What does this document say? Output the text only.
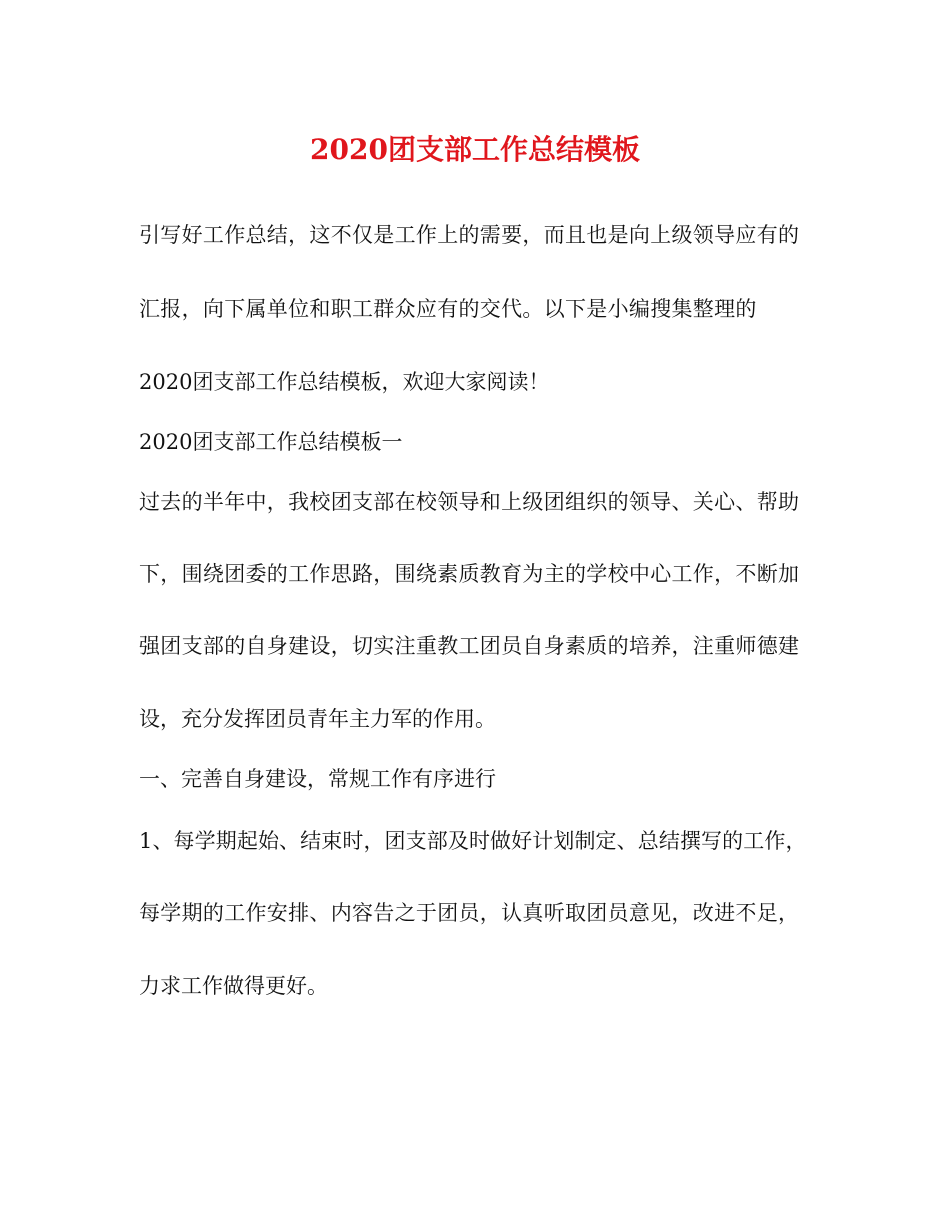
2020团支部工作总结模板
引写好工作总结，这不仅是工作上的需要，而且也是向上级领导应有的
汇报，向下属单位和职工群众应有的交代。以下是小编搜集整理的
2020团支部工作总结模板，欢迎大家阅读！
2020团支部工作总结模板一
过去的半年中，我校团支部在校领导和上级团组织的领导、关心、帮助
下，围绕团委的工作思路，围绕素质教育为主的学校中心工作，不断加
强团支部的自身建设，切实注重教工团员自身素质的培养，注重师德建
设，充分发挥团员青年主力军的作用。
一、完善自身建设，常规工作有序进行
1、每学期起始、结束时，团支部及时做好计划制定、总结撰写的工作，
每学期的工作安排、内容告之于团员，认真听取团员意见，改进不足，
力求工作做得更好。
